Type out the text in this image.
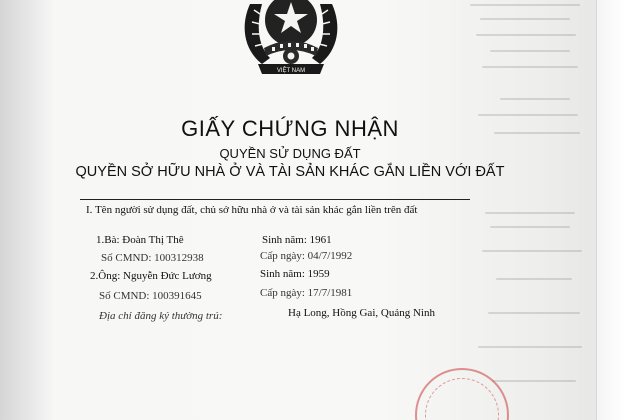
VIỆT NAM
GIẤY CHỨNG NHẬN
QUYỀN SỬ DỤNG ĐẤT
QUYỀN SỞ HỮU NHÀ Ở VÀ TÀI SẢN KHÁC GẮN LIỀN VỚI ĐẤT
I. Tên người sử dụng đất, chủ sở hữu nhà ở và tài sản khác gắn liền trên đất
1.Bà: Đoàn Thị Thê	Sinh năm: 1961
Số CMND: 100312938	Cấp ngày: 04/7/1992
2.Ông: Nguyễn Đức Lương	Sinh năm: 1959
Số CMND: 100391645	Cấp ngày: 17/7/1981
Địa chỉ đăng ký thường trú:	Hạ Long, Hồng Gai, Quảng Ninh
